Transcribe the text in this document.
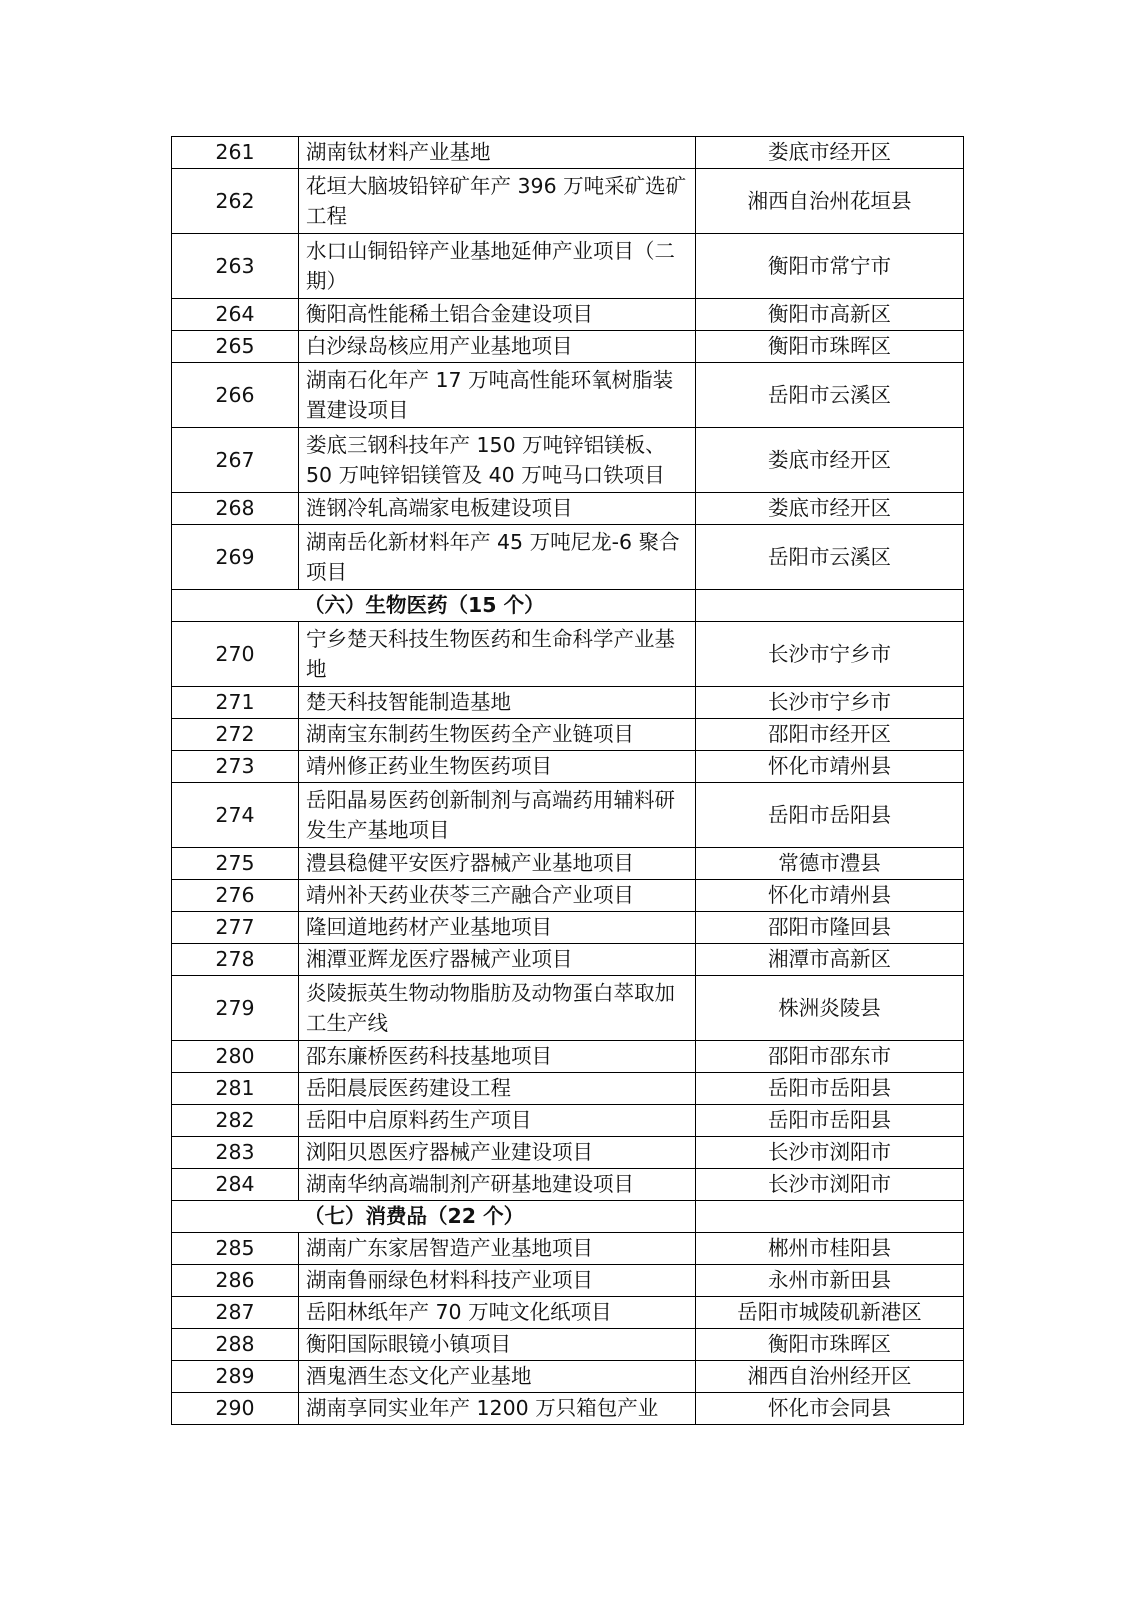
261	湖南钛材料产业基地	娄底市经开区
262	花垣大脑坡铅锌矿年产 396 万吨采矿选矿工程	湘西自治州花垣县
263	水口山铜铅锌产业基地延伸产业项目（二期）	衡阳市常宁市
264	衡阳高性能稀土铝合金建设项目	衡阳市高新区
265	白沙绿岛核应用产业基地项目	衡阳市珠晖区
266	湖南石化年产 17 万吨高性能环氧树脂装置建设项目	岳阳市云溪区
267	娄底三钢科技年产 150 万吨锌铝镁板、50 万吨锌铝镁管及 40 万吨马口铁项目	娄底市经开区
268	涟钢冷轧高端家电板建设项目	娄底市经开区
269	湖南岳化新材料年产 45 万吨尼龙-6 聚合项目	岳阳市云溪区
（六）生物医药（15 个）		
270	宁乡楚天科技生物医药和生命科学产业基地	长沙市宁乡市
271	楚天科技智能制造基地	长沙市宁乡市
272	湖南宝东制药生物医药全产业链项目	邵阳市经开区
273	靖州修正药业生物医药项目	怀化市靖州县
274	岳阳晶易医药创新制剂与高端药用辅料研发生产基地项目	岳阳市岳阳县
275	澧县稳健平安医疗器械产业基地项目	常德市澧县
276	靖州补天药业茯苓三产融合产业项目	怀化市靖州县
277	隆回道地药材产业基地项目	邵阳市隆回县
278	湘潭亚辉龙医疗器械产业项目	湘潭市高新区
279	炎陵振英生物动物脂肪及动物蛋白萃取加工生产线	株洲炎陵县
280	邵东廉桥医药科技基地项目	邵阳市邵东市
281	岳阳晨辰医药建设工程	岳阳市岳阳县
282	岳阳中启原料药生产项目	岳阳市岳阳县
283	浏阳贝恩医疗器械产业建设项目	长沙市浏阳市
284	湖南华纳高端制剂产研基地建设项目	长沙市浏阳市
（七）消费品（22 个）		
285	湖南广东家居智造产业基地项目	郴州市桂阳县
286	湖南鲁丽绿色材料科技产业项目	永州市新田县
287	岳阳林纸年产 70 万吨文化纸项目	岳阳市城陵矶新港区
288	衡阳国际眼镜小镇项目	衡阳市珠晖区
289	酒鬼酒生态文化产业基地	湘西自治州经开区
290	湖南享同实业年产 1200 万只箱包产业	怀化市会同县
